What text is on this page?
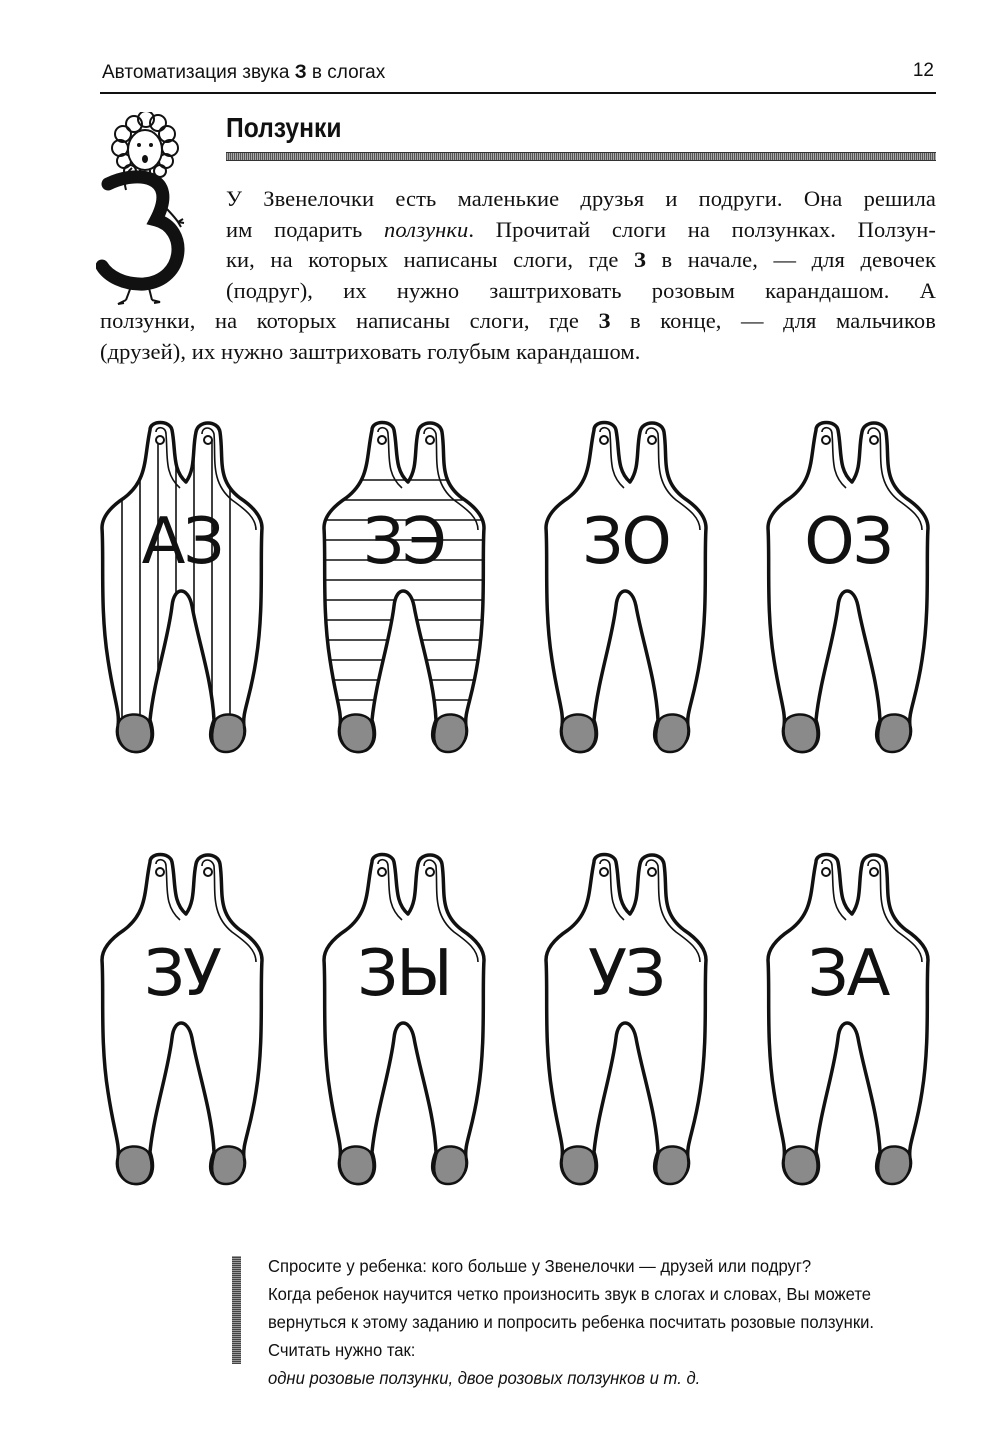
Автоматизация звука З в слогах	12
Ползунки
У Звенелочки есть маленькие друзья и подруги. Она решила
им подарить ползунки. Прочитай слоги на ползунках. Ползун-
ки, на которых написаны слоги, где З в начале, — для девочек
(подруг), их нужно заштриховать розовым карандашом. А
ползунки, на которых написаны слоги, где З в конце, — для мальчиков
(друзей), их нужно заштриховать голубым карандашом.
АЗ	ЗЭ	ЗО	ОЗ
ЗУ	ЗЫ	УЗ	ЗА
Спросите у ребенка: кого больше у Звенелочки — друзей или подруг?
Когда ребенок научится четко произносить звук в слогах и словах, Вы можете
вернуться к этому заданию и попросить ребенка посчитать розовые ползунки.
Считать нужно так:
одни розовые ползунки, двое розовых ползунков и т. д.
